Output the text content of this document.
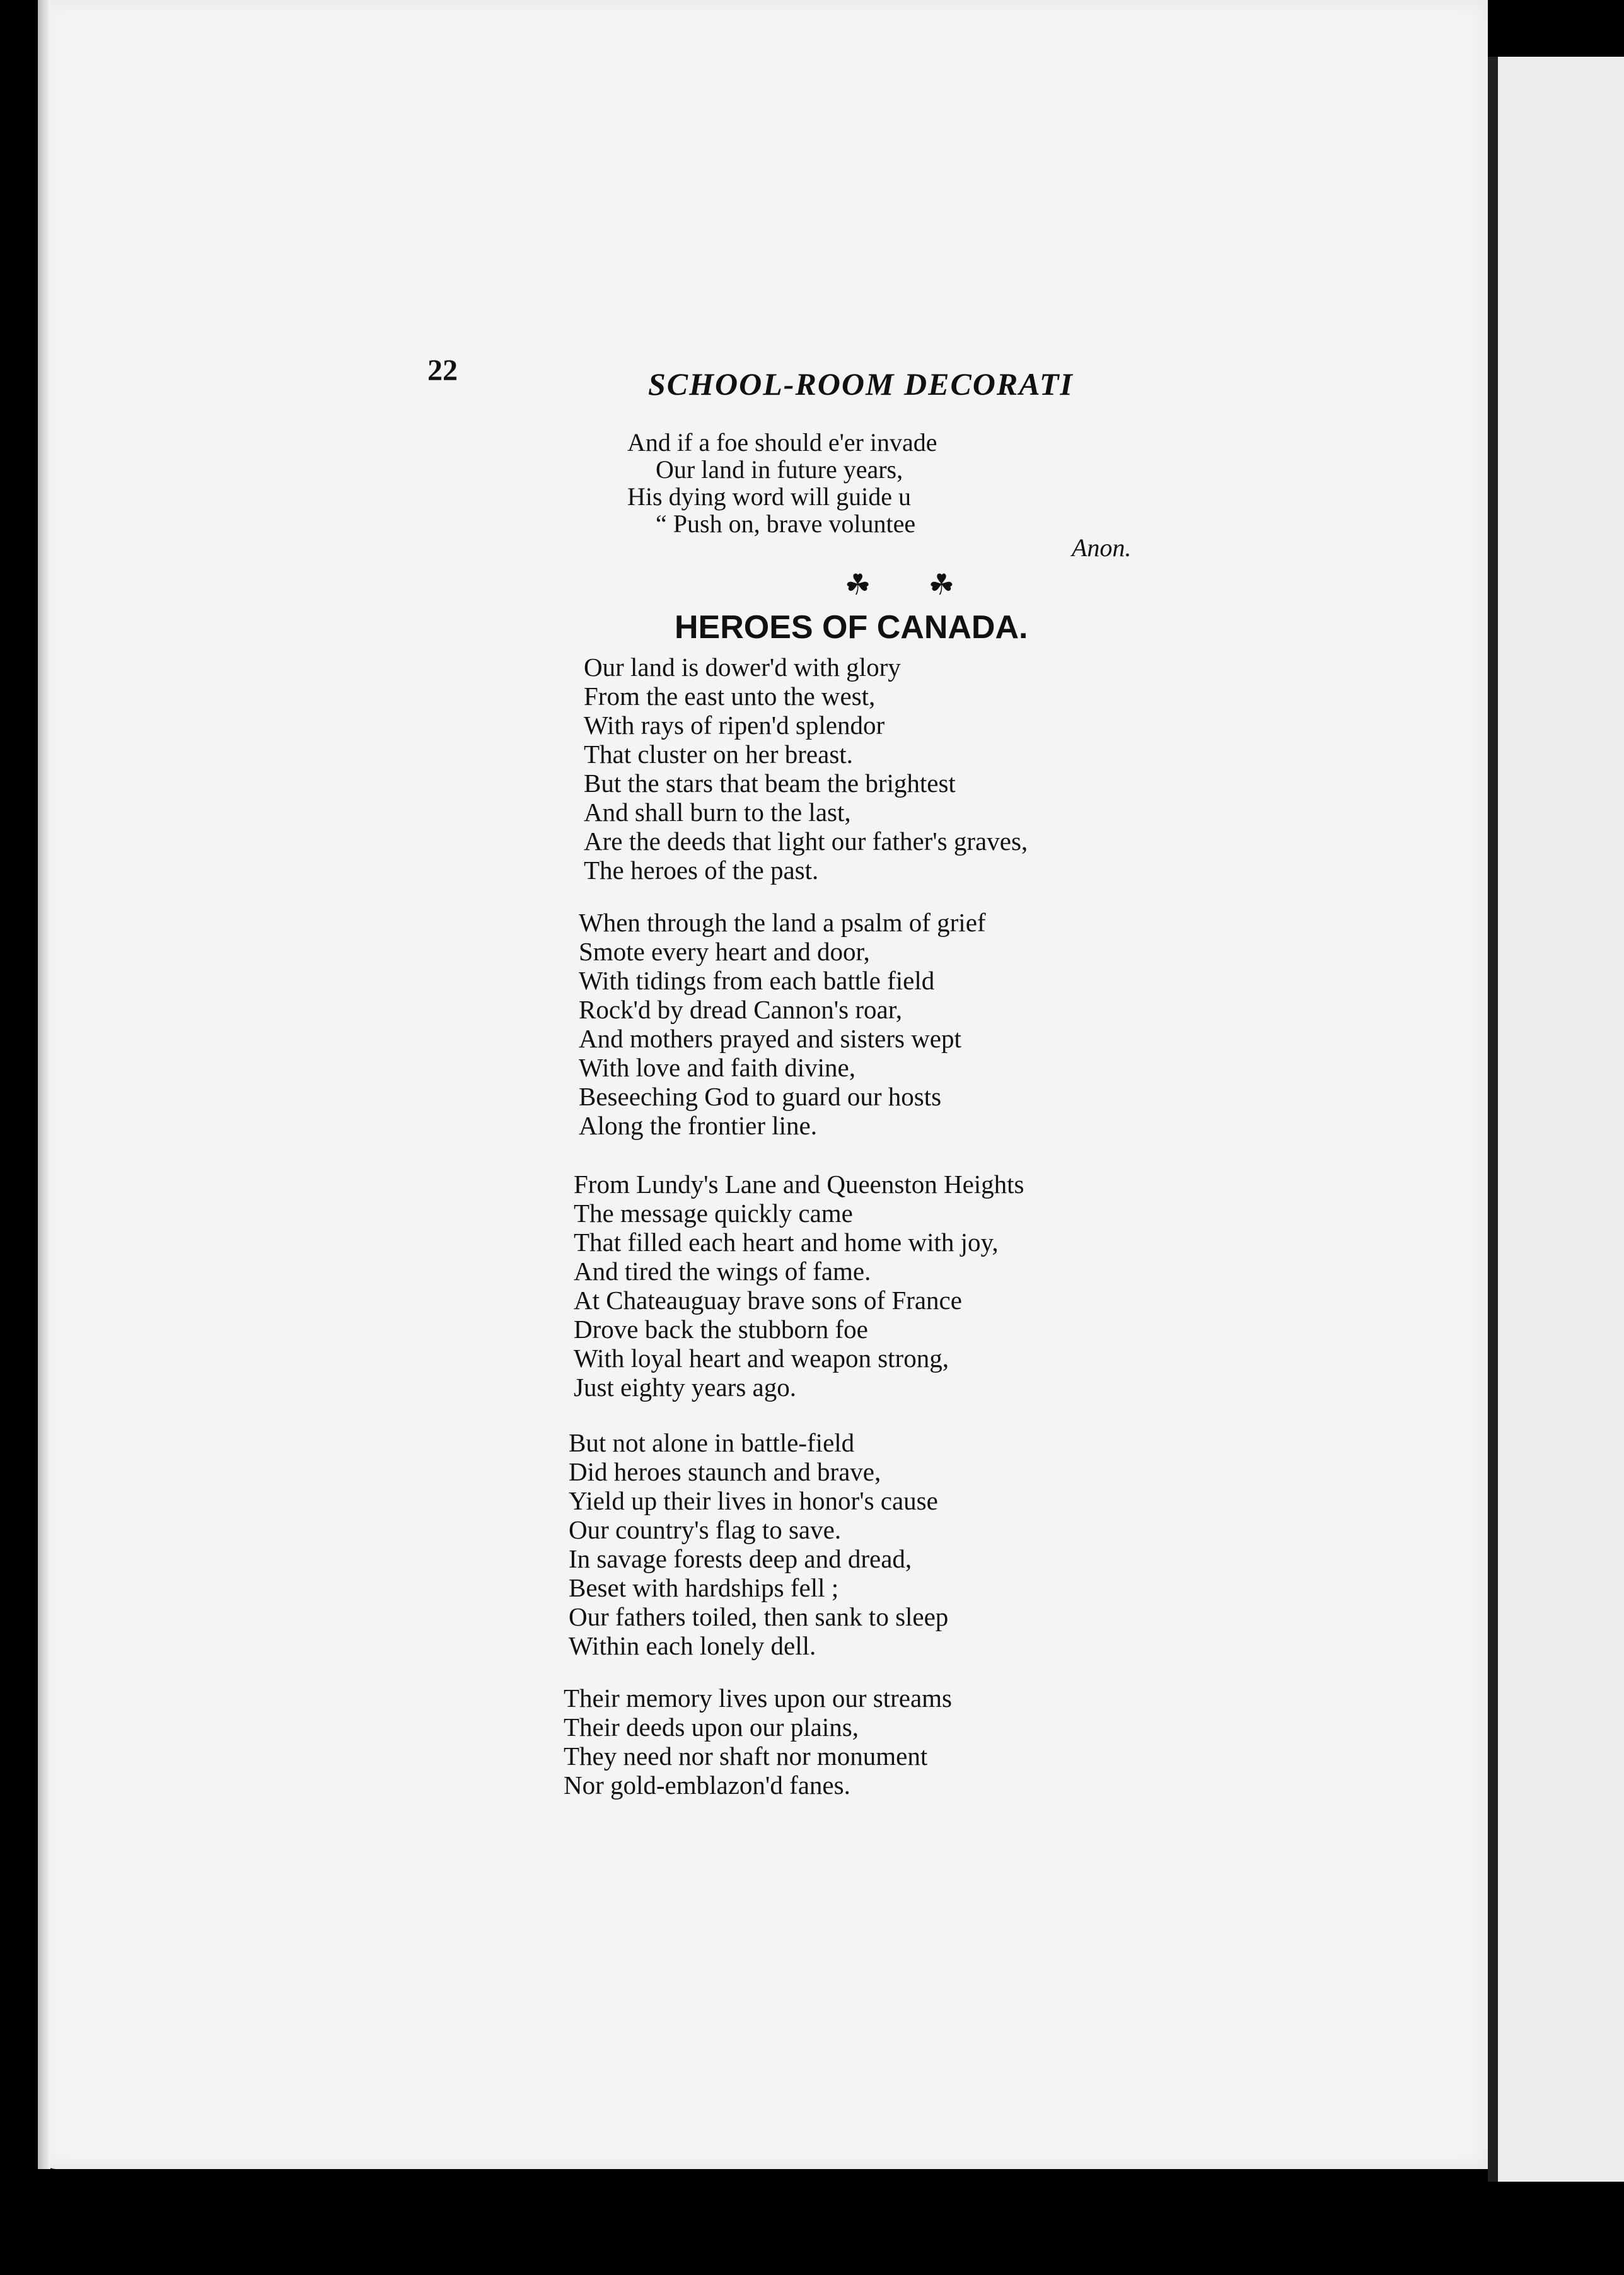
22	SCHOOL-ROOM DECORATI
And if a foe should e'er invade
Our land in future years,
His dying word will guide u
“ Push on, brave voluntee
Anon.
☘ ☘
HEROES OF CANADA.
Our land is dower'd with glory
From the east unto the west,
With rays of ripen'd splendor
That cluster on her breast.
But the stars that beam the brightest
And shall burn to the last,
Are the deeds that light our father's graves,
The heroes of the past.
When through the land a psalm of grief
Smote every heart and door,
With tidings from each battle field
Rock'd by dread Cannon's roar,
And mothers prayed and sisters wept
With love and faith divine,
Beseeching God to guard our hosts
Along the frontier line.
From Lundy's Lane and Queenston Heights
The message quickly came
That filled each heart and home with joy,
And tired the wings of fame.
At Chateauguay brave sons of France
Drove back the stubborn foe
With loyal heart and weapon strong,
Just eighty years ago.
But not alone in battle-field
Did heroes staunch and brave,
Yield up their lives in honor's cause
Our country's flag to save.
In savage forests deep and dread,
Beset with hardships fell ;
Our fathers toiled, then sank to sleep
Within each lonely dell.
Their memory lives upon our streams
Their deeds upon our plains,
They need nor shaft nor monument
Nor gold-emblazon'd fanes.
